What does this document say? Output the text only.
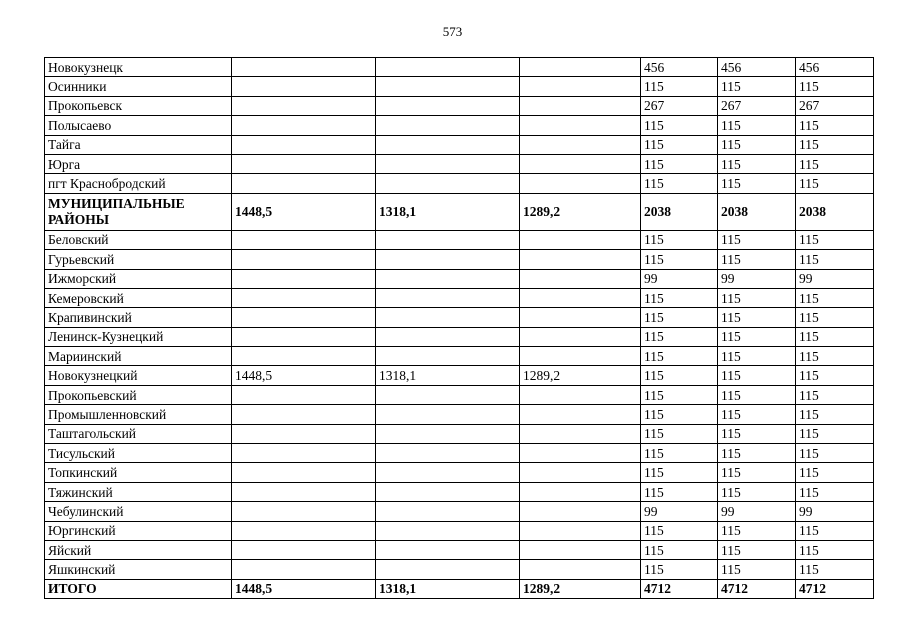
573
Новокузнецк				456	456	456
Осинники				115	115	115
Прокопьевск				267	267	267
Полысаево				115	115	115
Тайга				115	115	115
Юрга				115	115	115
пгт Краснобродский				115	115	115
МУНИЦИПАЛЬНЫЕ РАЙОНЫ	1448,5	1318,1	1289,2	2038	2038	2038
Беловский				115	115	115
Гурьевский				115	115	115
Ижморский				99	99	99
Кемеровский				115	115	115
Крапивинский				115	115	115
Ленинск-Кузнецкий				115	115	115
Мариинский				115	115	115
Новокузнецкий	1448,5	1318,1	1289,2	115	115	115
Прокопьевский				115	115	115
Промышленновский				115	115	115
Таштагольский				115	115	115
Тисульский				115	115	115
Топкинский				115	115	115
Тяжинский				115	115	115
Чебулинский				99	99	99
Юргинский				115	115	115
Яйский				115	115	115
Яшкинский				115	115	115
ИТОГО	1448,5	1318,1	1289,2	4712	4712	4712
